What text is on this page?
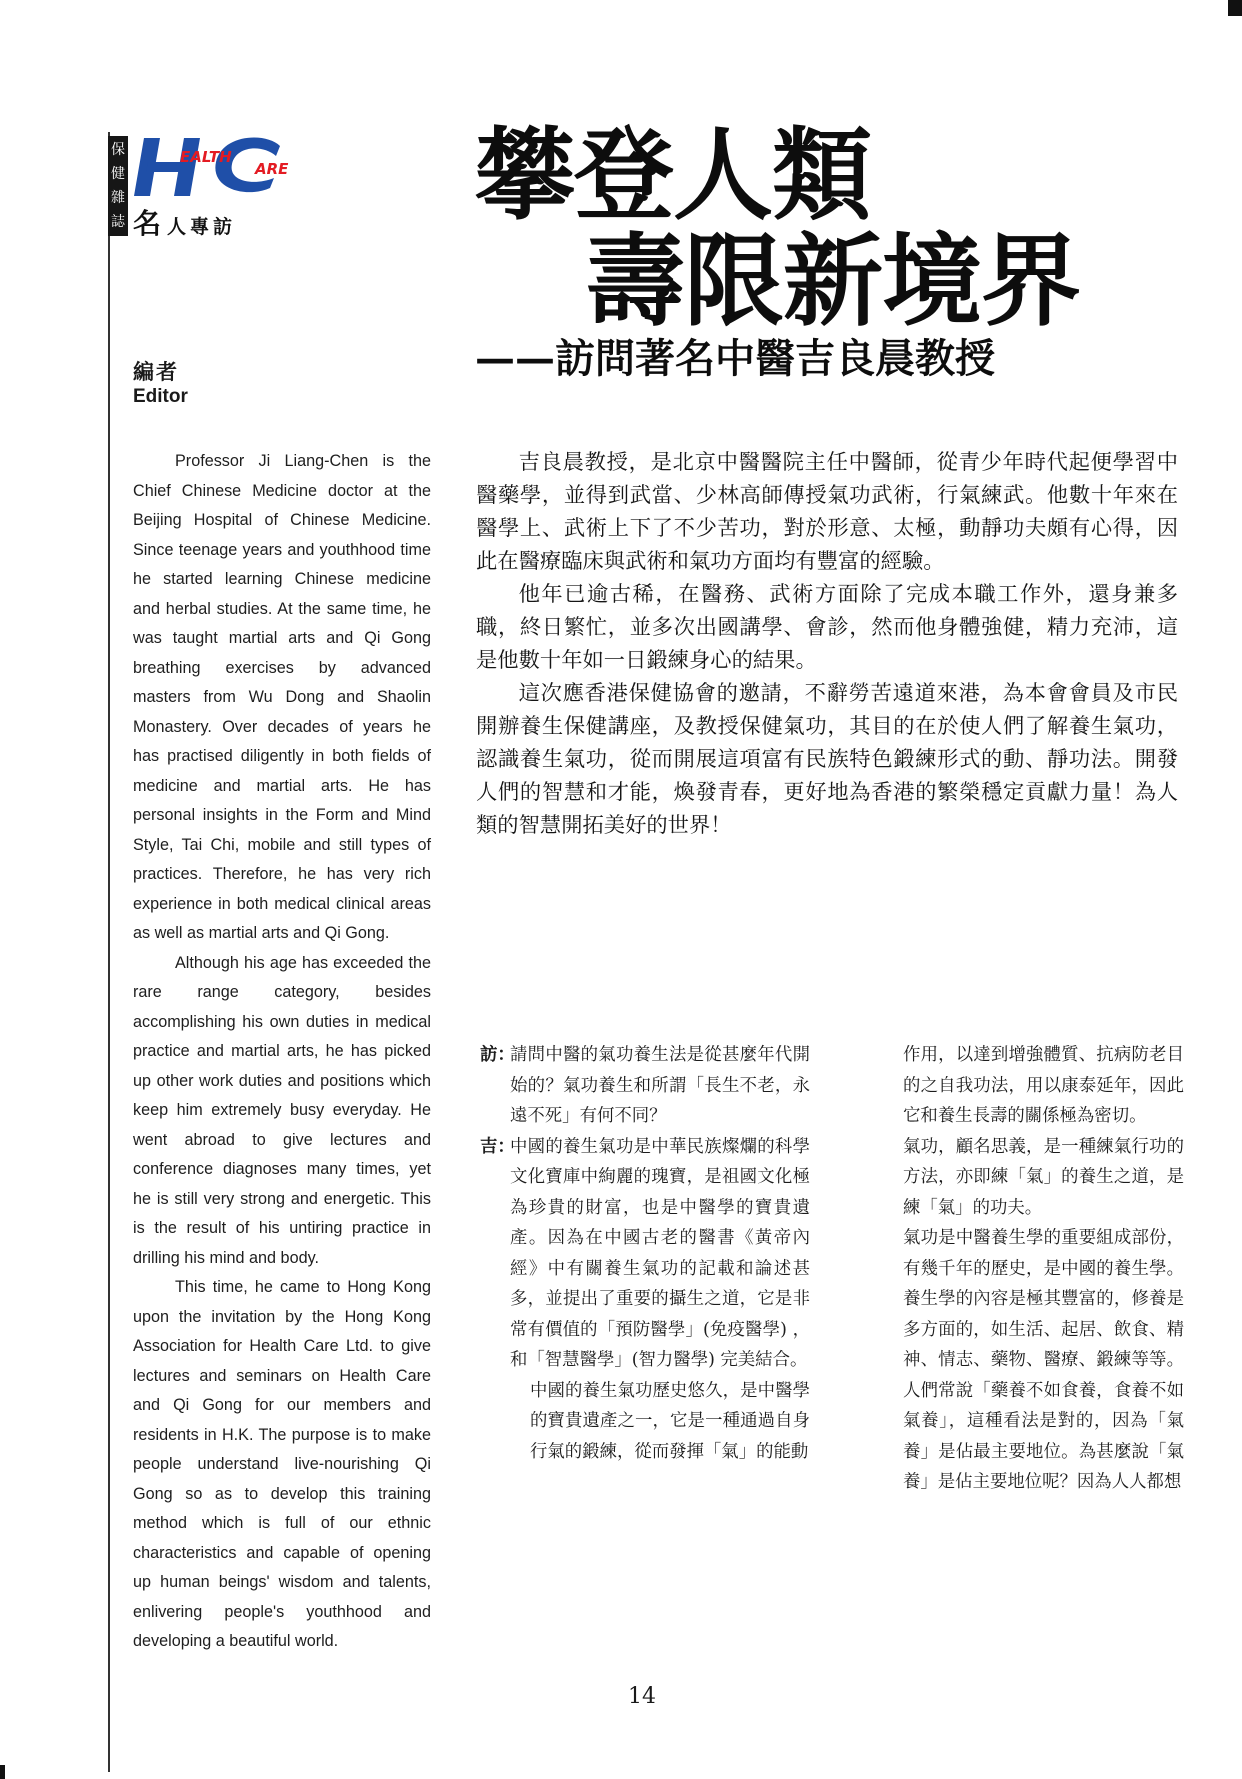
保
健
雜
誌
EALTH
ARE
名 人專訪 攀登人類
壽限新境界
——訪問著名中醫吉良晨教授
編者
Editor

Professor Ji Liang-Chen is the Chief Chinese Medicine doctor at the Beijing Hospital of Chinese Medicine. Since teenage years and youthhood time he started learning Chinese medicine and herbal studies. At the same time, he was taught martial arts and Qi Gong breathing exercises by advanced masters from Wu Dong and Shaolin Monastery. Over decades of years he has practised diligently in both fields of medicine and martial arts. He has personal insights in the Form and Mind Style, Tai Chi, mobile and still types of practices. Therefore, he has very rich experience in both medical clinical areas as well as martial arts and Qi Gong.

Although his age has exceeded the rare range category, besides accomplishing his own duties in medical practice and martial arts, he has picked up other work duties and positions which keep him extremely busy everyday. He went abroad to give lectures and conference diagnoses many times, yet he is still very strong and energetic. This is the result of his untiring practice in drilling his mind and body.

This time, he came to Hong Kong upon the invitation by the Hong Kong Association for Health Care Ltd. to give lectures and seminars on Health Care and Qi Gong for our members and residents in H.K. The purpose is to make people understand live-nourishing Qi Gong so as to develop this training method which is full of our ethnic characteristics and capable of opening up human beings' wisdom and talents, enlivering people's youthhood and developing a beautiful world.

吉良晨教授，是北京中醫醫院主任中醫師，從青少年時代起便學習中醫藥學，並得到武當、少林高師傳授氣功武術，行氣練武。他數十年來在醫學上、武術上下了不少苦功，對於形意、太極，動靜功夫頗有心得，因此在醫療臨床與武術和氣功方面均有豐富的經驗。

他年已逾古稀，在醫務、武術方面除了完成本職工作外，還身兼多職，終日繁忙，並多次出國講學、會診，然而他身體強健，精力充沛，這是他數十年如一日鍛練身心的結果。

這次應香港保健協會的邀請，不辭勞苦遠道來港，為本會會員及市民開辦養生保健講座，及教授保健氣功，其目的在於使人們了解養生氣功，認識養生氣功，從而開展這項富有民族特色鍛練形式的動、靜功法。開發人們的智慧和才能，煥發青春，更好地為香港的繁榮穩定貢獻力量！為人類的智慧開拓美好的世界！

訪：

請問中醫的氣功養生法是從甚麼年代開始的？氣功養生和所謂「長生不老，永遠不死」有何不同？

吉：

中國的養生氣功是中華民族燦爛的科學文化寶庫中絢麗的瑰寶，是祖國文化極為珍貴的財富，也是中醫學的寶貴遺產。因為在中國古老的醫書《黃帝內經》中有關養生氣功的記載和論述甚多，並提出了重要的攝生之道，它是非常有價值的「預防醫學」(免疫醫學) ，和「智慧醫學」(智力醫學) 完美結合。

中國的養生氣功歷史悠久，是中醫學的寶貴遺產之一，它是一種通過自身行氣的鍛練，從而發揮「氣」的能動

作用，以達到增強體質、抗病防老目的之自我功法，用以康泰延年，因此它和養生長壽的關係極為密切。

氣功，顧名思義，是一種練氣行功的方法，亦即練「氣」的養生之道，是練「氣」的功夫。

氣功是中醫養生學的重要組成部份，有幾千年的歷史，是中國的養生學。養生學的內容是極其豐富的，修養是多方面的，如生活、起居、飲食、精神、情志、藥物、醫療、鍛練等等。人們常說「藥養不如食養，食養不如氣養」，這種看法是對的，因為「氣養」是佔最主要地位。為甚麼說「氣養」是佔主要地位呢？因為人人都想

14
